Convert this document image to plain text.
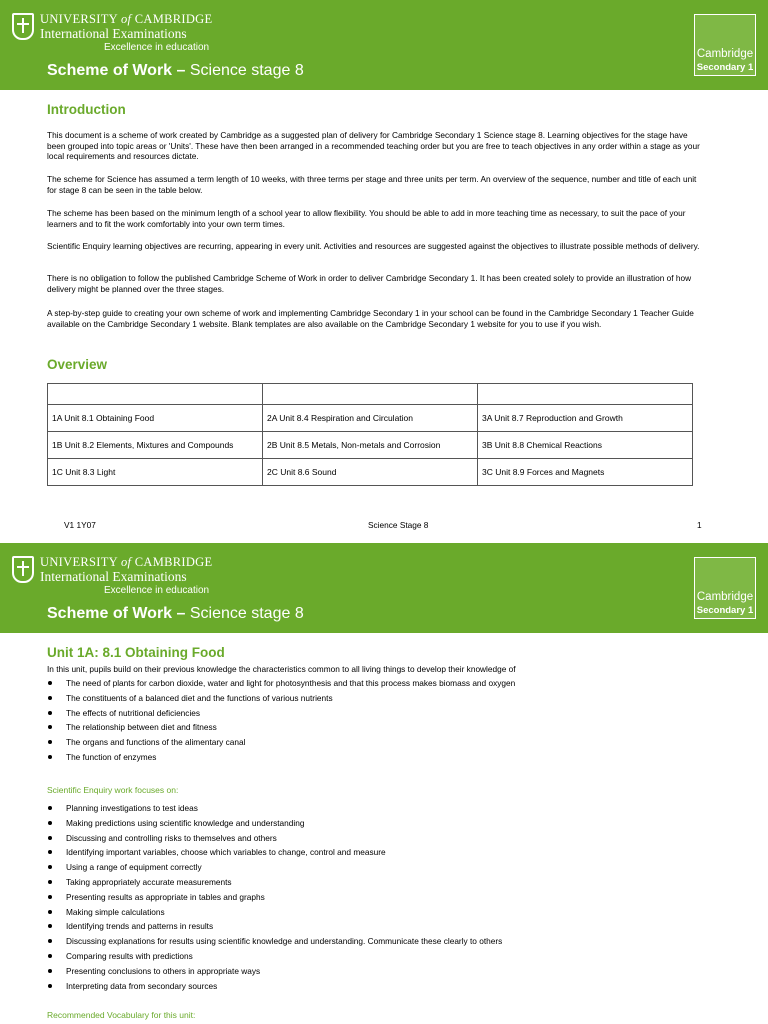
UNIVERSITY of CAMBRIDGE
International Examinations
Excellence in education
Scheme of Work – Science stage 8
Cambridge
Secondary 1
Introduction

This document is a scheme of work created by Cambridge as a suggested plan of delivery for Cambridge Secondary 1 Science stage 8. Learning objectives for the stage have been grouped into topic areas or 'Units'. These have then been arranged in a recommended teaching order but you are free to teach objectives in any order within a stage as your local requirements and resources dictate.

The scheme for Science has assumed a term length of 10 weeks, with three terms per stage and three units per term. An overview of the sequence, number and title of each unit for stage 8 can be seen in the table below.

The scheme has been based on the minimum length of a school year to allow flexibility. You should be able to add in more teaching time as necessary, to suit the pace of your learners and to fit the work comfortably into your own term times.

Scientific Enquiry learning objectives are recurring, appearing in every unit. Activities and resources are suggested against the objectives to illustrate possible methods of delivery.

There is no obligation to follow the published Cambridge Scheme of Work in order to deliver Cambridge Secondary 1. It has been created solely to provide an illustration of how delivery might be planned over the three stages.

A step-by-step guide to creating your own scheme of work and implementing Cambridge Secondary 1 in your school can be found in the Cambridge Secondary 1 Teacher Guide available on the Cambridge Secondary 1 website. Blank templates are also available on the Cambridge Secondary 1 website for you to use if you wish.

Overview

1A Unit 8.1 Obtaining Food	2A Unit 8.4 Respiration and Circulation	3A Unit 8.7 Reproduction and Growth
1B Unit 8.2 Elements, Mixtures and Compounds	2B Unit 8.5 Metals, Non-metals and Corrosion	3B Unit 8.8 Chemical Reactions
1C Unit 8.3 Light	2C Unit 8.6 Sound	3C Unit 8.9 Forces and Magnets
V1 1Y07	Science Stage 8	1
UNIVERSITY of CAMBRIDGE
International Examinations
Excellence in education
Scheme of Work – Science stage 8
Cambridge
Secondary 1
Unit 1A: 8.1 Obtaining Food
In this unit, pupils build on their previous knowledge the characteristics common to all living things to develop their knowledge of
The need of plants for carbon dioxide, water and light for photosynthesis and that this process makes biomass and oxygen
The constituents of a balanced diet and the functions of various nutrients
The effects of nutritional deficiencies
The relationship between diet and fitness
The organs and functions of the alimentary canal
The function of enzymes
Scientific Enquiry work focuses on:
Planning investigations to test ideas
Making predictions using scientific knowledge and understanding
Discussing and controlling risks to themselves and others
Identifying important variables, choose which variables to change, control and measure
Using a range of equipment correctly
Taking appropriately accurate measurements
Presenting results as appropriate in tables and graphs
Making simple calculations
Identifying trends and patterns in results
Discussing explanations for results using scientific knowledge and understanding. Communicate these clearly to others
Comparing results with predictions
Presenting conclusions to others in appropriate ways
Interpreting data from secondary sources
Recommended Vocabulary for this unit:
